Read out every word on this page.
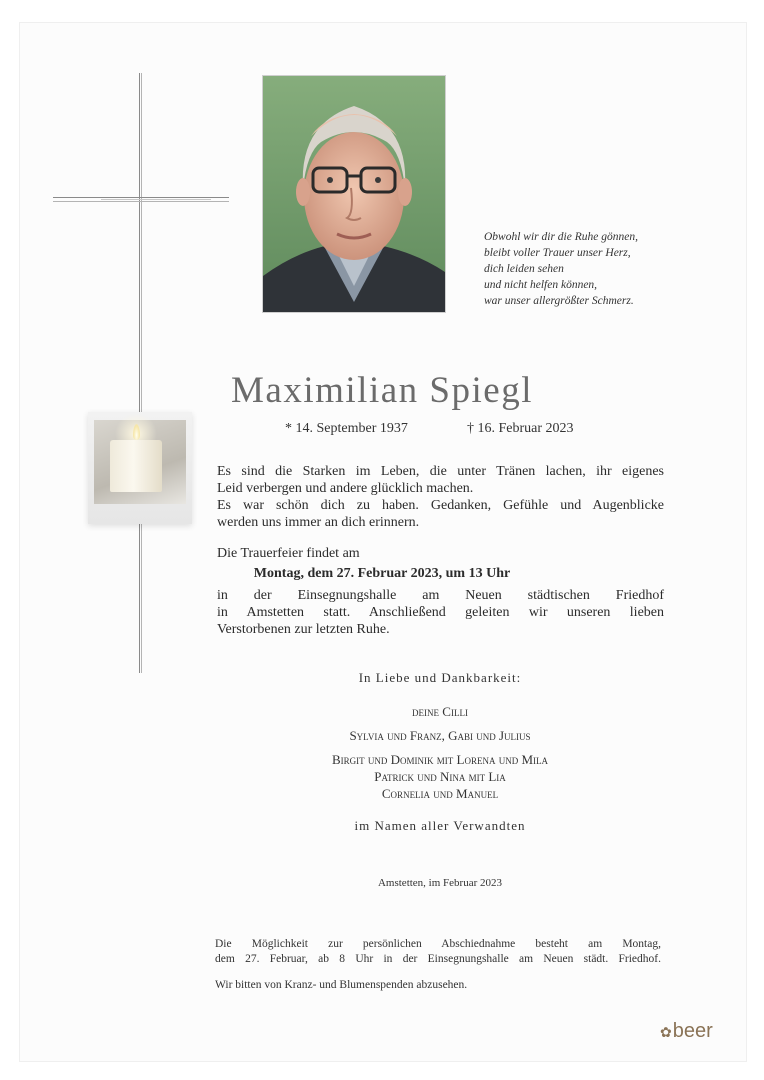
Obwohl wir dir die Ruhe gönnen,
bleibt voller Trauer unser Herz,
dich leiden sehen
und nicht helfen können,
war unser allergrößter Schmerz.
Maximilian Spiegl
* 14. September 1937	† 16. Februar 2023
Es sind die Starken im Leben, die unter Tränen lachen, ihr eigenes
Leid verbergen und andere glücklich machen.
Es war schön dich zu haben. Gedanken, Gefühle und Augenblicke
werden uns immer an dich erinnern.
Die Trauerfeier findet am
Montag, dem 27. Februar 2023, um 13 Uhr
in der Einsegnungshalle am Neuen städtischen Friedhof
in Amstetten statt. Anschließend geleiten wir unseren lieben
Verstorbenen zur letzten Ruhe.
In Liebe und Dankbarkeit:
deine Cilli
Sylvia und Franz, Gabi und Julius
Birgit und Dominik mit Lorena und Mila
Patrick und Nina mit Lia
Cornelia und Manuel
im Namen aller Verwandten
Amstetten, im Februar 2023
Die Möglichkeit zur persönlichen Abschiednahme besteht am Montag,
dem 27. Februar, ab 8 Uhr in der Einsegnungshalle am Neuen städt. Friedhof.
Wir bitten von Kranz- und Blumenspenden abzusehen.
✿beer
